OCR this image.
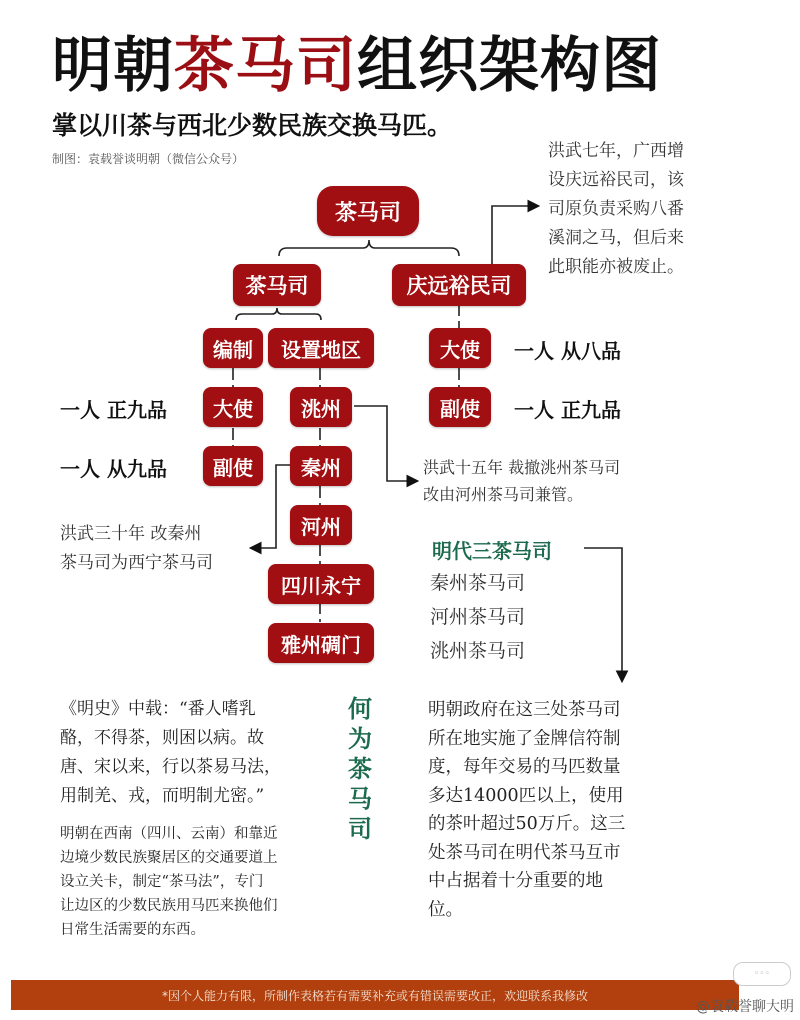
明朝茶马司组织架构图
掌以川茶与西北少数民族交换马匹。
制图：袁载誉谈明朝（微信公众号）
茶马司
茶马司	庆远裕民司
编制	设置地区
大使
副使
洮州
秦州
河州
四川永宁
雅州碉门
大使
副使
一人 正九品
一人 从九品
一人 从八品
一人 正九品
洪武七年，广西增
设庆远裕民司，该
司原负责采购八番
溪洞之马，但后来
此职能亦被废止。
洪武十五年 裁撤洮州茶马司
改由河州茶马司兼管。
洪武三十年 改秦州
茶马司为西宁茶马司	明代三茶马司
秦州茶马司
河州茶马司
洮州茶马司
何
为
茶
马
司
《明史》中载：“番人嗜乳
酪，不得茶，则困以病。故
唐、宋以来，行以茶易马法，
用制羌、戎，而明制尤密。”
明朝在西南（四川、云南）和靠近
边境少数民族聚居区的交通要道上
设立关卡，制定“茶马法”，专门
让边区的少数民族用马匹来换他们
日常生活需要的东西。
明朝政府在这三处茶马司
所在地实施了金牌信符制
度，每年交易的马匹数量
多达14000匹以上，使用
的茶叶超过50万斤。这三
处茶马司在明代茶马互市
中占据着十分重要的地
位。
*因个人能力有限，所制作表格若有需要补充或有错误需要改正，欢迎联系我修改
◦◦◦
@袁载誉聊大明
